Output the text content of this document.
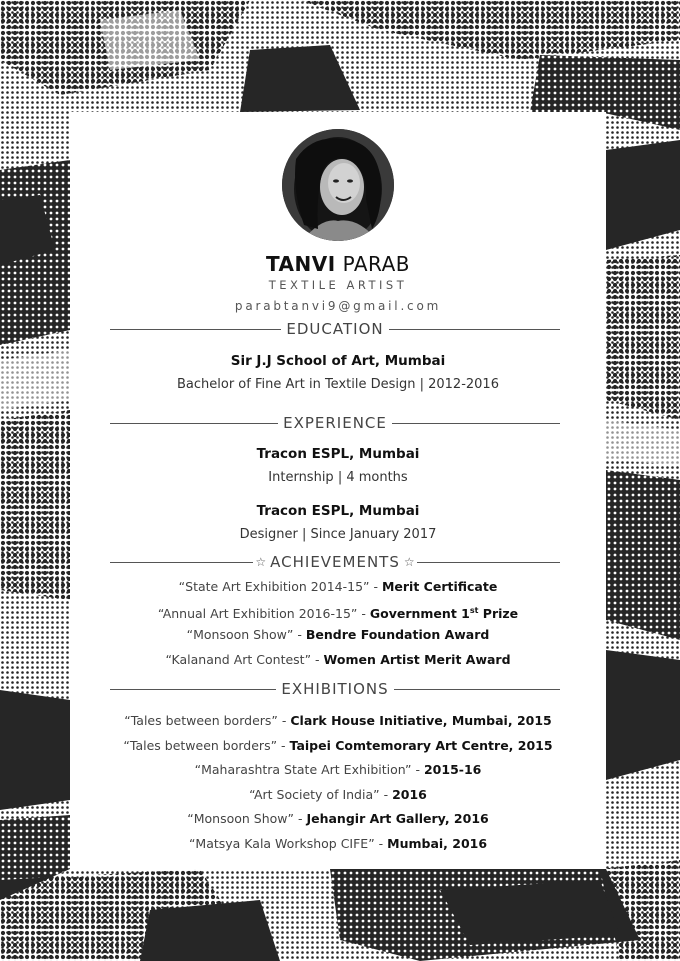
TANVI PARAB
TEXTILE ARTIST
parabtanvi9@gmail.com
EDUCATION
Sir J.J School of Art, Mumbai
Bachelor of Fine Art in Textile Design | 2012-2016
EXPERIENCE
Tracon ESPL, Mumbai
Internship | 4 months
Tracon ESPL, Mumbai
Designer | Since January 2017
☆ ACHIEVEMENTS ☆
“State Art Exhibition 2014-15” - Merit Certificate
“Annual Art Exhibition 2016-15” - Government 1st Prize
“Monsoon Show” - Bendre Foundation Award
“Kalanand Art Contest” - Women Artist Merit Award
EXHIBITIONS
“Tales between borders” - Clark House Initiative, Mumbai, 2015
“Tales between borders” - Taipei Comtemorary Art Centre, 2015
“Maharashtra State Art Exhibition” - 2015-16
“Art Society of India” - 2016
“Monsoon Show” - Jehangir Art Gallery, 2016
“Matsya Kala Workshop CIFE” - Mumbai, 2016
